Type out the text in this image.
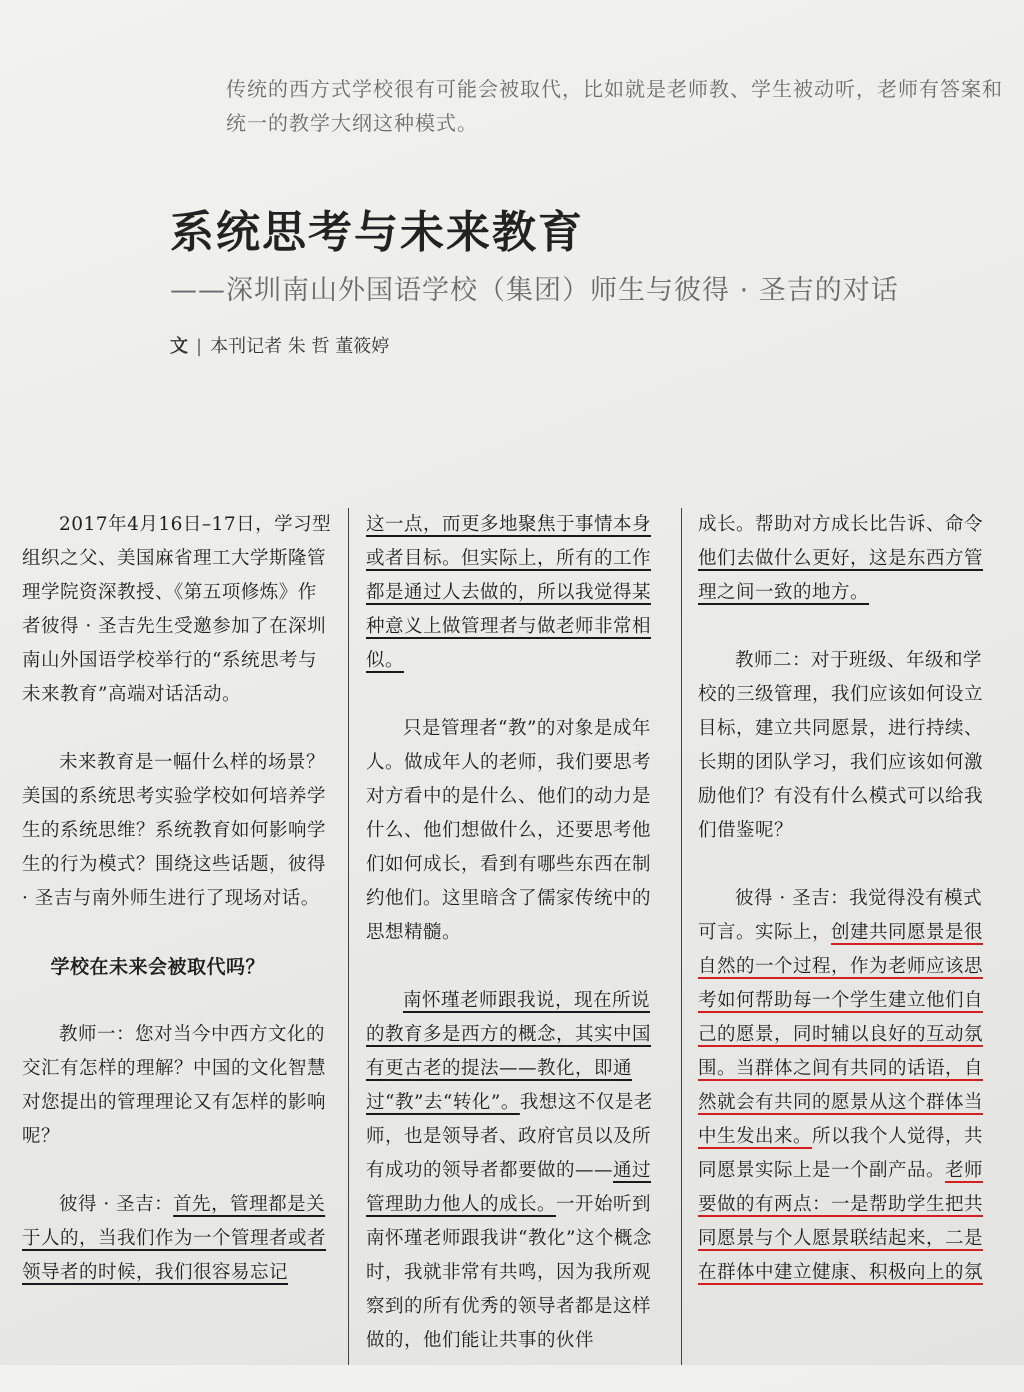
传统的西方式学校很有可能会被取代，比如就是老师教、学生被动听，老师有答案和统一的教学大纲这种模式。
系统思考与未来教育
——深圳南山外国语学校（集团）师生与彼得 · 圣吉的对话
文 | 本刊记者 朱 哲 董筱婷

2017年4月16日–17日，学习型组织之父、美国麻省理工大学斯隆管理学院资深教授、《第五项修炼》作者彼得 · 圣吉先生受邀参加了在深圳南山外国语学校举行的“系统思考与未来教育”高端对话活动。

未来教育是一幅什么样的场景？美国的系统思考实验学校如何培养学生的系统思维？系统教育如何影响学生的行为模式？围绕这些话题，彼得 · 圣吉与南外师生进行了现场对话。

学校在未来会被取代吗？

教师一：您对当今中西方文化的交汇有怎样的理解？中国的文化智慧对您提出的管理理论又有怎样的影响呢？

彼得 · 圣吉：首先，管理都是关于人的，当我们作为一个管理者或者领导者的时候，我们很容易忘记

这一点，而更多地聚焦于事情本身或者目标。但实际上，所有的工作都是通过人去做的，所以我觉得某种意义上做管理者与做老师非常相似。

只是管理者“教”的对象是成年人。做成年人的老师，我们要思考对方看中的是什么、他们的动力是什么、他们想做什么，还要思考他们如何成长，看到有哪些东西在制约他们。这里暗含了儒家传统中的思想精髓。

南怀瑾老师跟我说，现在所说的教育多是西方的概念，其实中国有更古老的提法——教化，即通过“教”去“转化”。我想这不仅是老师，也是领导者、政府官员以及所有成功的领导者都要做的——通过管理助力他人的成长。一开始听到南怀瑾老师跟我讲“教化”这个概念时，我就非常有共鸣，因为我所观察到的所有优秀的领导者都是这样做的，他们能让共事的伙伴

成长。帮助对方成长比告诉、命令他们去做什么更好，这是东西方管理之间一致的地方。

教师二：对于班级、年级和学校的三级管理，我们应该如何设立目标，建立共同愿景，进行持续、长期的团队学习，我们应该如何激励他们？有没有什么模式可以给我们借鉴呢？

彼得 · 圣吉：我觉得没有模式可言。实际上，创建共同愿景是很自然的一个过程，作为老师应该思考如何帮助每一个学生建立他们自己的愿景，同时辅以良好的互动氛围。当群体之间有共同的话语，自然就会有共同的愿景从这个群体当中生发出来。所以我个人觉得，共同愿景实际上是一个副产品。老师要做的有两点：一是帮助学生把共同愿景与个人愿景联结起来，二是在群体中建立健康、积极向上的氛
